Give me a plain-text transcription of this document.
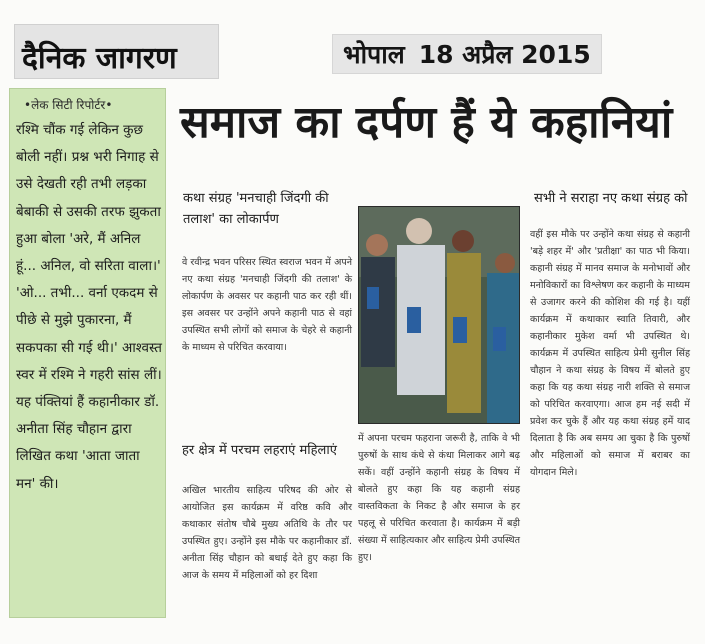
दैनिक जागरण	भोपाल 18 अप्रैल 2015
•लेक सिटी रिपोर्टर•
रश्मि चौंक गई लेकिन कुछ बोली नहीं। प्रश्न भरी निगाह से उसे देखती रही तभी लड़का बेबाकी से उसकी तरफ झुकता हुआ बोला 'अरे, मैं अनिल हूं... अनिल, वो सरिता वाला।' 'ओ... तभी... वर्ना एकदम से पीछे से मुझे पुकारना, मैं सकपका सी गई थी।' आश्वस्त स्वर में रश्मि ने गहरी सांस लीं। यह पंक्तियां हैं कहानीकार डॉ. अनीता सिंह चौहान द्वारा लिखित कथा 'आता जाता मन' की।
समाज का दर्पण हैं ये कहानियां
कथा संग्रह 'मनचाही जिंदगी की तलाश' का लोकार्पण

वे रवीन्द्र भवन परिसर स्थित स्वराज भवन में अपने नए कथा संग्रह 'मनचाही जिंदगी की तलाश' के लोकार्पण के अवसर पर कहानी पाठ कर रही थीं। इस अवसर पर उन्होंने अपने कहानी पाठ से वहां उपस्थित सभी लोगों को समाज के चेहरे से कहानी के माध्यम से परिचित करवाया।

हर क्षेत्र में परचम लहराएं महिलाएं

अखिल भारतीय साहित्य परिषद की ओर से आयोजित इस कार्यक्रम में वरिष्ठ कवि और कथाकार संतोष चौबे मुख्य अतिथि के तौर पर उपस्थित हुए। उन्होंने इस मौके पर कहानीकार डॉ. अनीता सिंह चौहान को बधाई देते हुए कहा कि आज के समय में महिलाओं को हर दिशा

में अपना परचम फहराना जरूरी है, ताकि वे भी पुरुषों के साथ कंधे से कंधा मिलाकर आगे बढ़ सकें। वहीं उन्होंने कहानी संग्रह के विषय में बोलते हुए कहा कि यह कहानी संग्रह वास्तविकता के निकट है और समाज के हर पहलू से परिचित करवाता है। कार्यक्रम में बड़ी संख्या में साहित्यकार और साहित्य प्रेमी उपस्थित हुए।

सभी ने सराहा नए कथा संग्रह को

वहीं इस मौके पर उन्होंने कथा संग्रह से कहानी 'बड़े शहर में' और 'प्रतीक्षा' का पाठ भी किया। कहानी संग्रह में मानव समाज के मनोभावों और मनोविकारों का विश्लेषण कर कहानी के माध्यम से उजागर करने की कोशिश की गई है। यहीं कार्यक्रम में कथाकार स्वाति तिवारी, और कहानीकार मुकेश वर्मा भी उपस्थित थे। कार्यक्रम में उपस्थित साहित्य प्रेमी सुनील सिंह चौहान ने कथा संग्रह के विषय में बोलते हुए कहा कि यह कथा संग्रह नारी शक्ति से समाज को परिचित करवाएगा। आज हम नई सदी में प्रवेश कर चुके हैं और यह कथा संग्रह हमें याद दिलाता है कि अब समय आ चुका है कि पुरुषों और महिलाओं को समाज में बराबर का योगदान मिले।
